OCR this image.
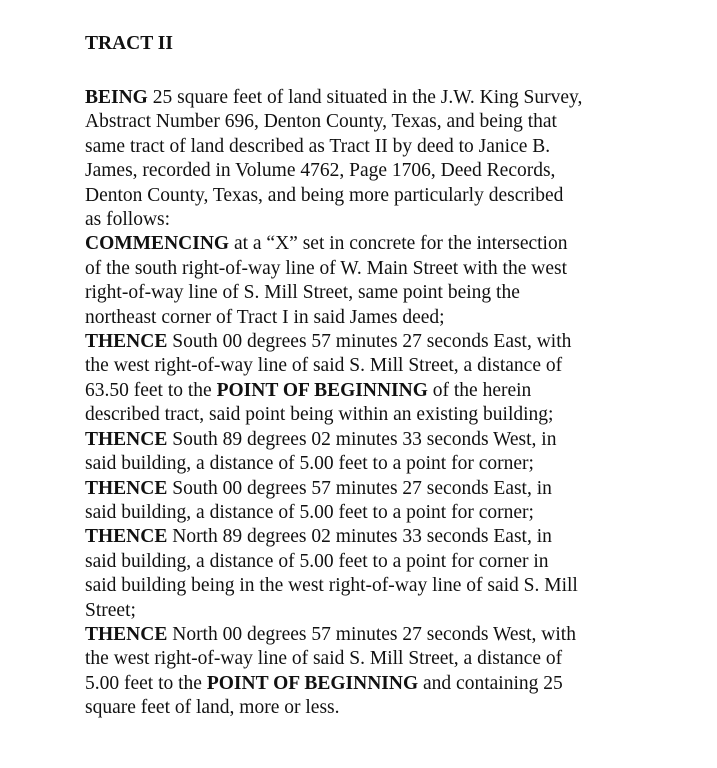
TRACT II

BEING 25 square feet of land situated in the J.W. King Survey,
Abstract Number 696, Denton County, Texas, and being that
same tract of land described as Tract II by deed to Janice B.
James, recorded in Volume 4762, Page 1706, Deed Records,
Denton County, Texas, and being more particularly described
as follows:

COMMENCING at a “X” set in concrete for the intersection
of the south right-of-way line of W. Main Street with the west
right-of-way line of S. Mill Street, same point being the
northeast corner of Tract I in said James deed;

THENCE South 00 degrees 57 minutes 27 seconds East, with
the west right-of-way line of said S. Mill Street, a distance of
63.50 feet to the POINT OF BEGINNING of the herein
described tract, said point being within an existing building;

THENCE South 89 degrees 02 minutes 33 seconds West, in
said building, a distance of 5.00 feet to a point for corner;

THENCE South 00 degrees 57 minutes 27 seconds East, in
said building, a distance of 5.00 feet to a point for corner;

THENCE North 89 degrees 02 minutes 33 seconds East, in
said building, a distance of 5.00 feet to a point for corner in
said building being in the west right-of-way line of said S. Mill
Street;

THENCE North 00 degrees 57 minutes 27 seconds West, with
the west right-of-way line of said S. Mill Street, a distance of
5.00 feet to the POINT OF BEGINNING and containing 25
square feet of land, more or less.
